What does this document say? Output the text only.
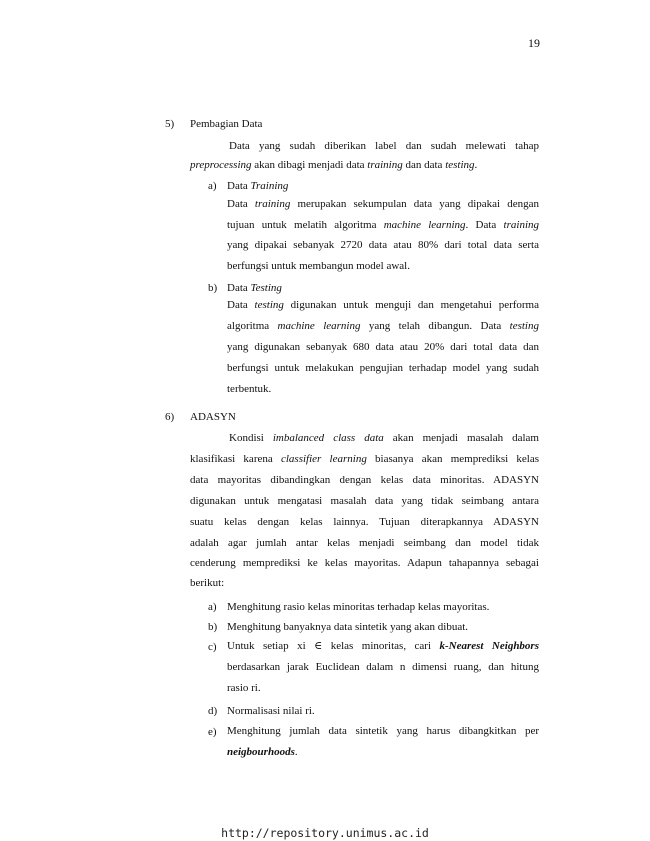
19
5) Pembagian Data
Data yang sudah diberikan label dan sudah melewati tahap
preprocessing akan dibagi menjadi data training dan data testing.
a) Data Training
Data training merupakan sekumpulan data yang dipakai dengan
tujuan untuk melatih algoritma machine learning. Data training
yang dipakai sebanyak 2720 data atau 80% dari total data serta
berfungsi untuk membangun model awal.
b) Data Testing
Data testing digunakan untuk menguji dan mengetahui performa
algoritma machine learning yang telah dibangun. Data testing
yang digunakan sebanyak 680 data atau 20% dari total data dan
berfungsi untuk melakukan pengujian terhadap model yang sudah
terbentuk.
6) ADASYN
Kondisi imbalanced class data akan menjadi masalah dalam
klasifikasi karena classifier learning biasanya akan memprediksi kelas
data mayoritas dibandingkan dengan kelas data minoritas. ADASYN
digunakan untuk mengatasi masalah data yang tidak seimbang antara
suatu kelas dengan kelas lainnya. Tujuan diterapkannya ADASYN
adalah agar jumlah antar kelas menjadi seimbang dan model tidak
cenderung memprediksi ke kelas mayoritas. Adapun tahapannya sebagai
berikut:
a) Menghitung rasio kelas minoritas terhadap kelas mayoritas.
b) Menghitung banyaknya data sintetik yang akan dibuat.
c) Untuk setiap xi ∈ kelas minoritas, cari k-Nearest Neighbors
berdasarkan jarak Euclidean dalam n dimensi ruang, dan hitung
rasio ri.
d) Normalisasi nilai ri.
e) Menghitung jumlah data sintetik yang harus dibangkitkan per
neigbourhoods.
http://repository.unimus.ac.id
